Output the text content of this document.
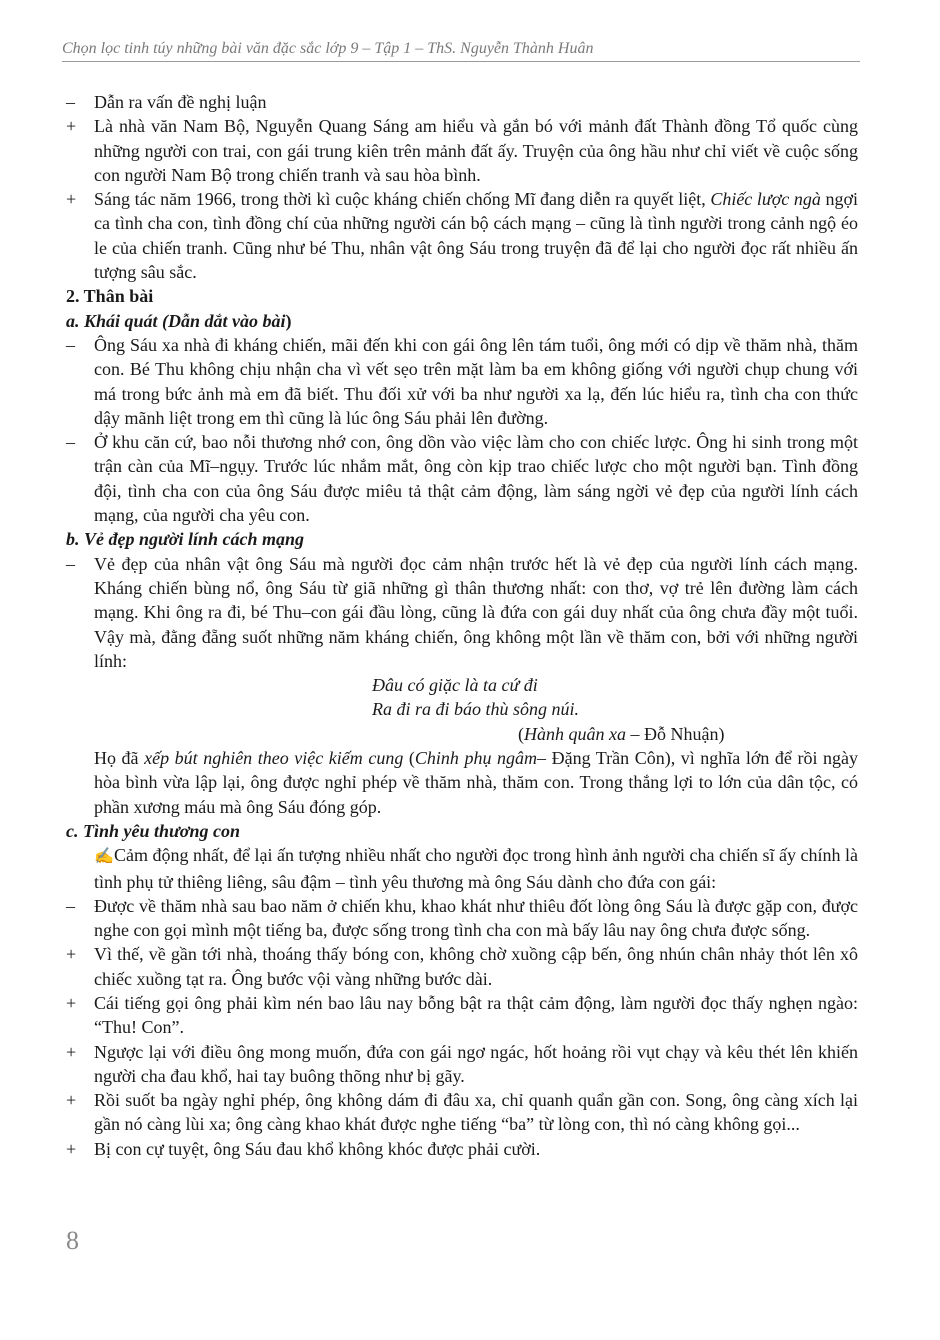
Chọn lọc tinh túy những bài văn đặc sắc lớp 9 – Tập 1 – ThS. Nguyễn Thành Huân
–	Dẫn ra vấn đề nghị luận
+ Là nhà văn Nam Bộ, Nguyễn Quang Sáng am hiểu và gắn bó với mảnh đất Thành đồng Tổ quốc cùng những người con trai, con gái trung kiên trên mảnh đất ấy. Truyện của ông hầu như chỉ viết về cuộc sống con người Nam Bộ trong chiến tranh và sau hòa bình.
+ Sáng tác năm 1966, trong thời kì cuộc kháng chiến chống Mĩ đang diễn ra quyết liệt, Chiếc lược ngà ngợi ca tình cha con, tình đồng chí của những người cán bộ cách mạng – cũng là tình người trong cảnh ngộ éo le của chiến tranh. Cũng như bé Thu, nhân vật ông Sáu trong truyện đã để lại cho người đọc rất nhiều ấn tượng sâu sắc.
2. Thân bài
a. Khái quát (Dẫn dắt vào bài)
–	Ông Sáu xa nhà đi kháng chiến, mãi đến khi con gái ông lên tám tuổi, ông mới có dịp về thăm nhà, thăm con. Bé Thu không chịu nhận cha vì vết sẹo trên mặt làm ba em không giống với người chụp chung với má trong bức ảnh mà em đã biết. Thu đối xử với ba như người xa lạ, đến lúc hiểu ra, tình cha con thức dậy mãnh liệt trong em thì cũng là lúc ông Sáu phải lên đường.
–	Ở khu căn cứ, bao nỗi thương nhớ con, ông dồn vào việc làm cho con chiếc lược. Ông hi sinh trong một trận càn của Mĩ–ngụy. Trước lúc nhắm mắt, ông còn kịp trao chiếc lược cho một người bạn. Tình đồng đội, tình cha con của ông Sáu được miêu tả thật cảm động, làm sáng ngời vẻ đẹp của người lính cách mạng, của người cha yêu con.
b. Vẻ đẹp người lính cách mạng
–	Vẻ đẹp của nhân vật ông Sáu mà người đọc cảm nhận trước hết là vẻ đẹp của người lính cách mạng. Kháng chiến bùng nổ, ông Sáu từ giã những gì thân thương nhất: con thơ, vợ trẻ lên đường làm cách mạng. Khi ông ra đi, bé Thu–con gái đầu lòng, cũng là đứa con gái duy nhất của ông chưa đầy một tuổi. Vậy mà, đằng đẵng suốt những năm kháng chiến, ông không một lần về thăm con, bởi với những người lính:
Đâu có giặc là ta cứ đi
Ra đi ra đi báo thù sông núi.
(Hành quân xa – Đỗ Nhuận)
Họ đã xếp bút nghiên theo việc kiếm cung (Chinh phụ ngâm– Đặng Trần Côn), vì nghĩa lớn để rồi ngày hòa bình vừa lập lại, ông được nghỉ phép về thăm nhà, thăm con. Trong thắng lợi to lớn của dân tộc, có phần xương máu mà ông Sáu đóng góp.
c. Tình yêu thương con
✍Cảm động nhất, để lại ấn tượng nhiều nhất cho người đọc trong hình ảnh người cha chiến sĩ ấy chính là tình phụ tử thiêng liêng, sâu đậm – tình yêu thương mà ông Sáu dành cho đứa con gái:
–	Được về thăm nhà sau bao năm ở chiến khu, khao khát như thiêu đốt lòng ông Sáu là được gặp con, được nghe con gọi mình một tiếng ba, được sống trong tình cha con mà bấy lâu nay ông chưa được sống.
+ Vì thế, về gần tới nhà, thoáng thấy bóng con, không chờ xuồng cập bến, ông nhún chân nhảy thót lên xô chiếc xuồng tạt ra. Ông bước vội vàng những bước dài.
+ Cái tiếng gọi ông phải kìm nén bao lâu nay bỗng bật ra thật cảm động, làm người đọc thấy nghẹn ngào: “Thu! Con”.
+ Ngược lại với điều ông mong muốn, đứa con gái ngơ ngác, hốt hoảng rồi vụt chạy và kêu thét lên khiến người cha đau khổ, hai tay buông thõng như bị gãy.
+ Rồi suốt ba ngày nghỉ phép, ông không dám đi đâu xa, chỉ quanh quẩn gần con. Song, ông càng xích lại gần nó càng lùi xa; ông càng khao khát được nghe tiếng “ba” từ lòng con, thì nó càng không gọi...
+ Bị con cự tuyệt, ông Sáu đau khổ không khóc được phải cười.
8
